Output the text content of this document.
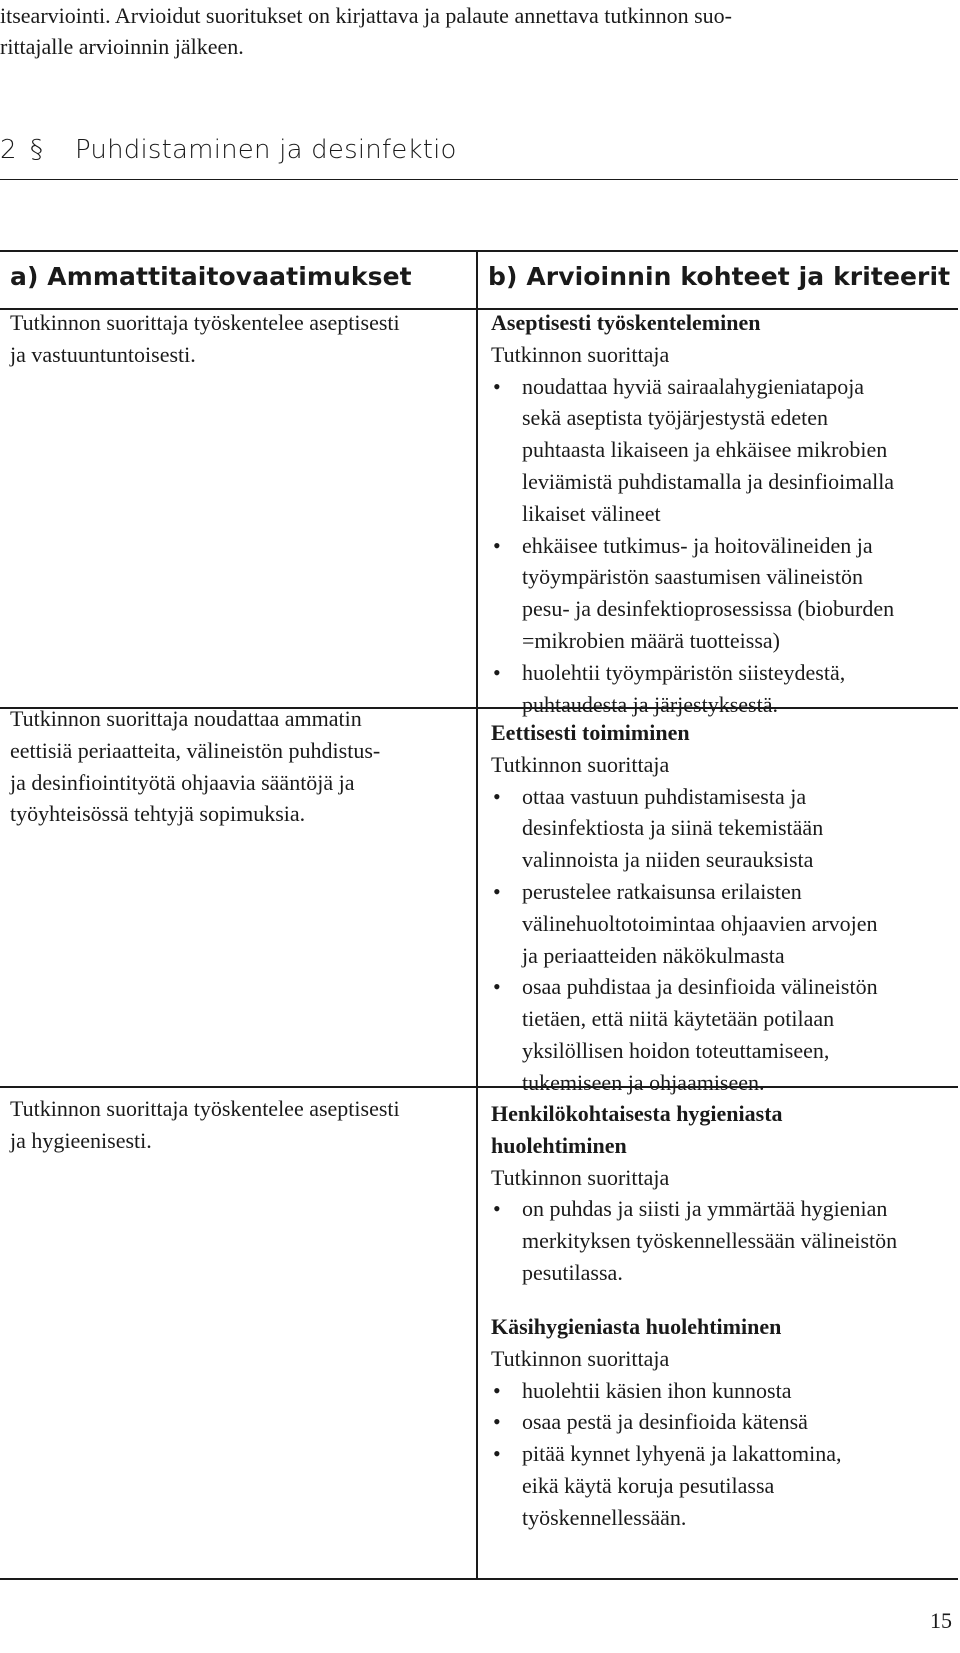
itsearviointi. Arvioidut suoritukset on kirjattava ja palaute annettava tutkinnon suo-
rittajalle arvioinnin jälkeen.
2 § Puhdistaminen ja desinfektio
a) Ammattitaitovaatimukset	b) Arvioinnin kohteet ja kriteerit
Tutkinnon suorittaja työskentelee aseptisesti
ja vastuuntuntoisesti.
Aseptisesti työskenteleminen
Tutkinnon suorittaja
• noudattaa hyviä sairaalahygieniatapoja
sekä aseptista työjärjestystä edeten
puhtaasta likaiseen ja ehkäisee mikrobien
leviämistä puhdistamalla ja desinfioimalla
likaiset välineet
• ehkäisee tutkimus- ja hoitovälineiden ja
työympäristön saastumisen välineistön
pesu- ja desinfektioprosessissa (bioburden
=mikrobien määrä tuotteissa)
• huolehtii työympäristön siisteydestä,
puhtaudesta ja järjestyksestä.
Tutkinnon suorittaja noudattaa ammatin
eettisiä periaatteita, välineistön puhdistus-
ja desinfiointityötä ohjaavia sääntöjä ja
työyhteisössä tehtyjä sopimuksia.
Eettisesti toimiminen
Tutkinnon suorittaja
• ottaa vastuun puhdistamisesta ja
desinfektiosta ja siinä tekemistään
valinnoista ja niiden seurauksista
• perustelee ratkaisunsa erilaisten
välinehuoltotoimintaa ohjaavien arvojen
ja periaatteiden näkökulmasta
• osaa puhdistaa ja desinfioida välineistön
tietäen, että niitä käytetään potilaan
yksilöllisen hoidon toteuttamiseen,
tukemiseen ja ohjaamiseen.
Tutkinnon suorittaja työskentelee aseptisesti
ja hygieenisesti.
Henkilökohtaisesta hygieniasta
huolehtiminen
Tutkinnon suorittaja
• on puhdas ja siisti ja ymmärtää hygienian
merkityksen työskennellessään välineistön
pesutilassa.
Käsihygieniasta huolehtiminen
Tutkinnon suorittaja
• huolehtii käsien ihon kunnosta
• osaa pestä ja desinfioida kätensä
• pitää kynnet lyhyenä ja lakattomina,
eikä käytä koruja pesutilassa
työskennellessään.
15
